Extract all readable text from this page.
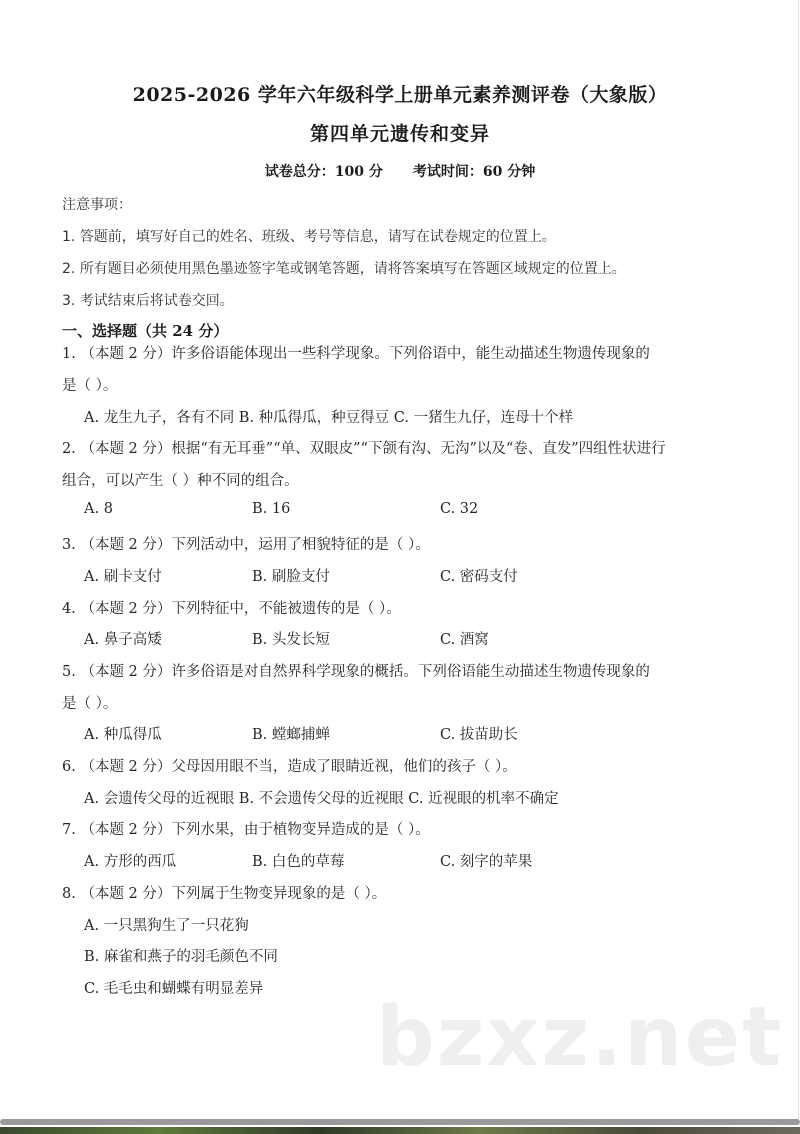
2025-2026 学年六年级科学上册单元素养测评卷（大象版）
第四单元遗传和变异
试卷总分：100 分 考试时间：60 分钟
注意事项：
1. 答题前，填写好自己的姓名、班级、考号等信息，请写在试卷规定的位置上。
2. 所有题目必须使用黑色墨迹签字笔或钢笔答题，请将答案填写在答题区域规定的位置上。
3. 考试结束后将试卷交回。
一、选择题（共 24 分）
1. （本题 2 分）许多俗语能体现出一些科学现象。下列俗语中，能生动描述生物遗传现象的
是（ ）。
A. 龙生九子，各有不同 B. 种瓜得瓜，种豆得豆 C. 一猪生九仔，连母十个样
2. （本题 2 分）根据“有无耳垂”“单、双眼皮”“下颌有沟、无沟”以及“卷、直发”四组性状进行
组合，可以产生（ ）种不同的组合。
A. 8	B. 16	C. 32
3. （本题 2 分）下列活动中，运用了相貌特征的是（ ）。
A. 刷卡支付	B. 刷脸支付	C. 密码支付
4. （本题 2 分）下列特征中，不能被遗传的是（ ）。
A. 鼻子高矮	B. 头发长短	C. 酒窝
5. （本题 2 分）许多俗语是对自然界科学现象的概括。下列俗语能生动描述生物遗传现象的
是（ ）。
A. 种瓜得瓜	B. 螳螂捕蝉	C. 拔苗助长
6. （本题 2 分）父母因用眼不当，造成了眼睛近视，他们的孩子（ ）。
A. 会遗传父母的近视眼 B. 不会遗传父母的近视眼 C. 近视眼的机率不确定
7. （本题 2 分）下列水果，由于植物变异造成的是（ ）。
A. 方形的西瓜	B. 白色的草莓	C. 刻字的苹果
8. （本题 2 分）下列属于生物变异现象的是（ ）。
A. 一只黑狗生了一只花狗
B. 麻雀和燕子的羽毛颜色不同
C. 毛毛虫和蝴蝶有明显差异
bzxz.net
